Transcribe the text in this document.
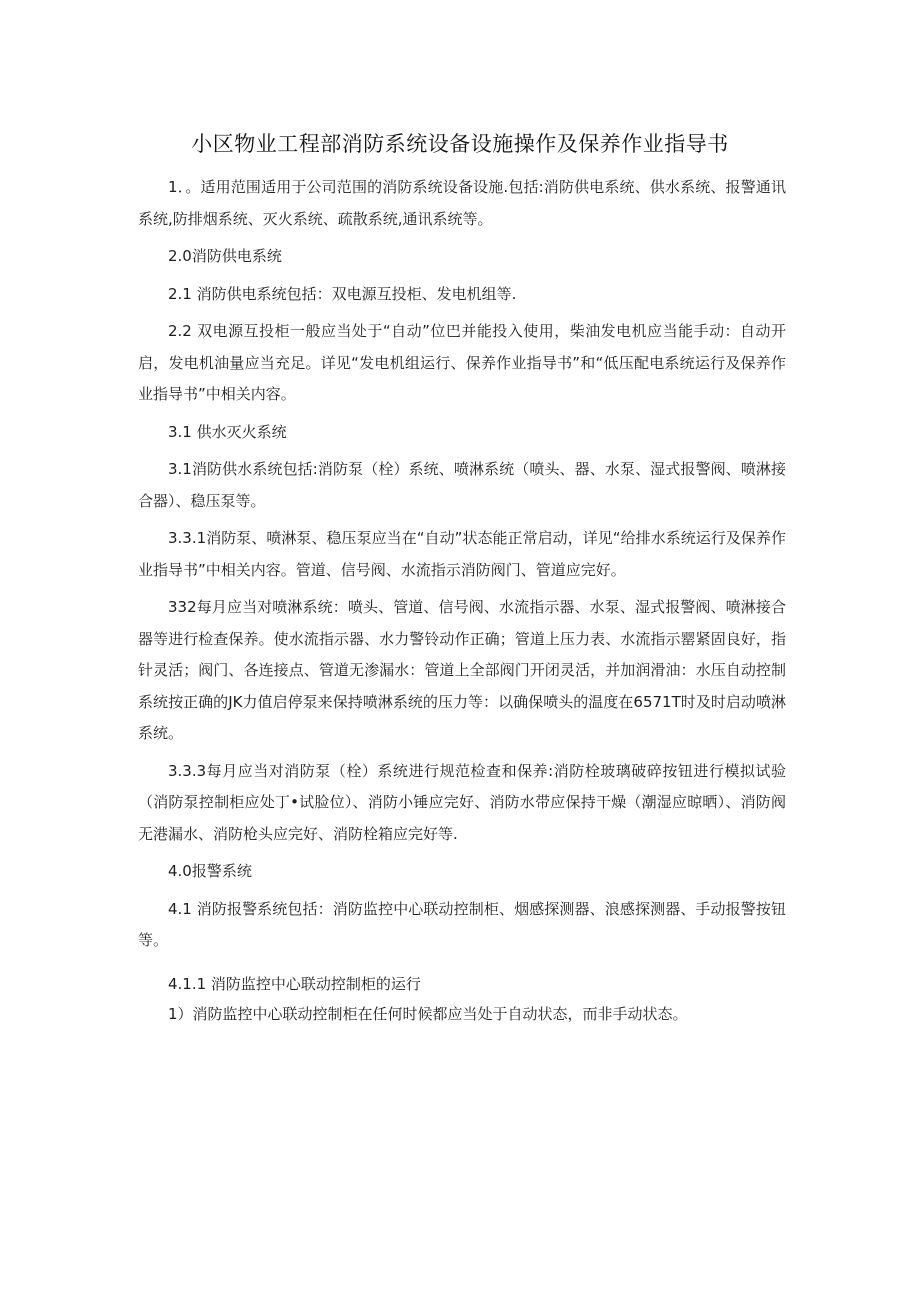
小区物业工程部消防系统设备设施操作及保养作业指导书

1．。适用范围适用于公司范围的消防系统设备设施.包括:消防供电系统、供水系统、报警通讯系统,防排烟系统、灭火系统、疏散系统,通讯系统等。

2.0消防供电系统

2.1 消防供电系统包括：双电源互投柜、发电机组等.

2.2 双电源互投柜一般应当处于“自动”位巴并能投入使用，柴油发电机应当能手动：自动开启，发电机油量应当充足。详见“发电机组运行、保养作业指导书”和“低压配电系统运行及保养作业指导书”中相关内容。

3.1 供水灭火系统

3.1消防供水系统包括:消防泵（栓）系统、喷淋系统（喷头、器、水泵、湿式报警阀、喷淋接合器）、稳压泵等。

3.3.1消防泵、喷淋泵、稳压泵应当在“自动”状态能正常启动，详见“给排水系统运行及保养作业指导书”中相关内容。管道、信号阀、水流指示消防阀门、管道应完好。

332每月应当对喷淋系统：喷头、管道、信号阀、水流指示器、水泵、湿式报警阀、喷淋接合器等进行检查保养。使水流指示器、水力警铃动作正确；管道上压力表、水流指示罂紧固良好，指针灵活；阀门、各连接点、管道无渗漏水：管道上全部阀门开闭灵活，并加润滑油：水压自动控制系统按正确的JK力值启停泵来保持喷淋系统的压力等：以确保喷头的温度在6571T时及时启动喷淋系统。

3.3.3每月应当对消防泵（栓）系统进行规范检查和保养:消防栓玻璃破碎按钮进行模拟试验（消防泵控制柜应处丁•试脸位）、消防小锤应完好、消防水带应保持干燥（潮湿应晾晒）、消防阀无港漏水、消防枪头应完好、消防栓箱应完好等.

4.0报警系统

4.1 消防报警系统包括：消防监控中心联动控制柜、烟感探测器、浪感探测器、手动报警按钮等。

4.1.1 消防监控中心联动控制柜的运行

1）消防监控中心联动控制柜在任何时候都应当处于自动状态，而非手动状态。
